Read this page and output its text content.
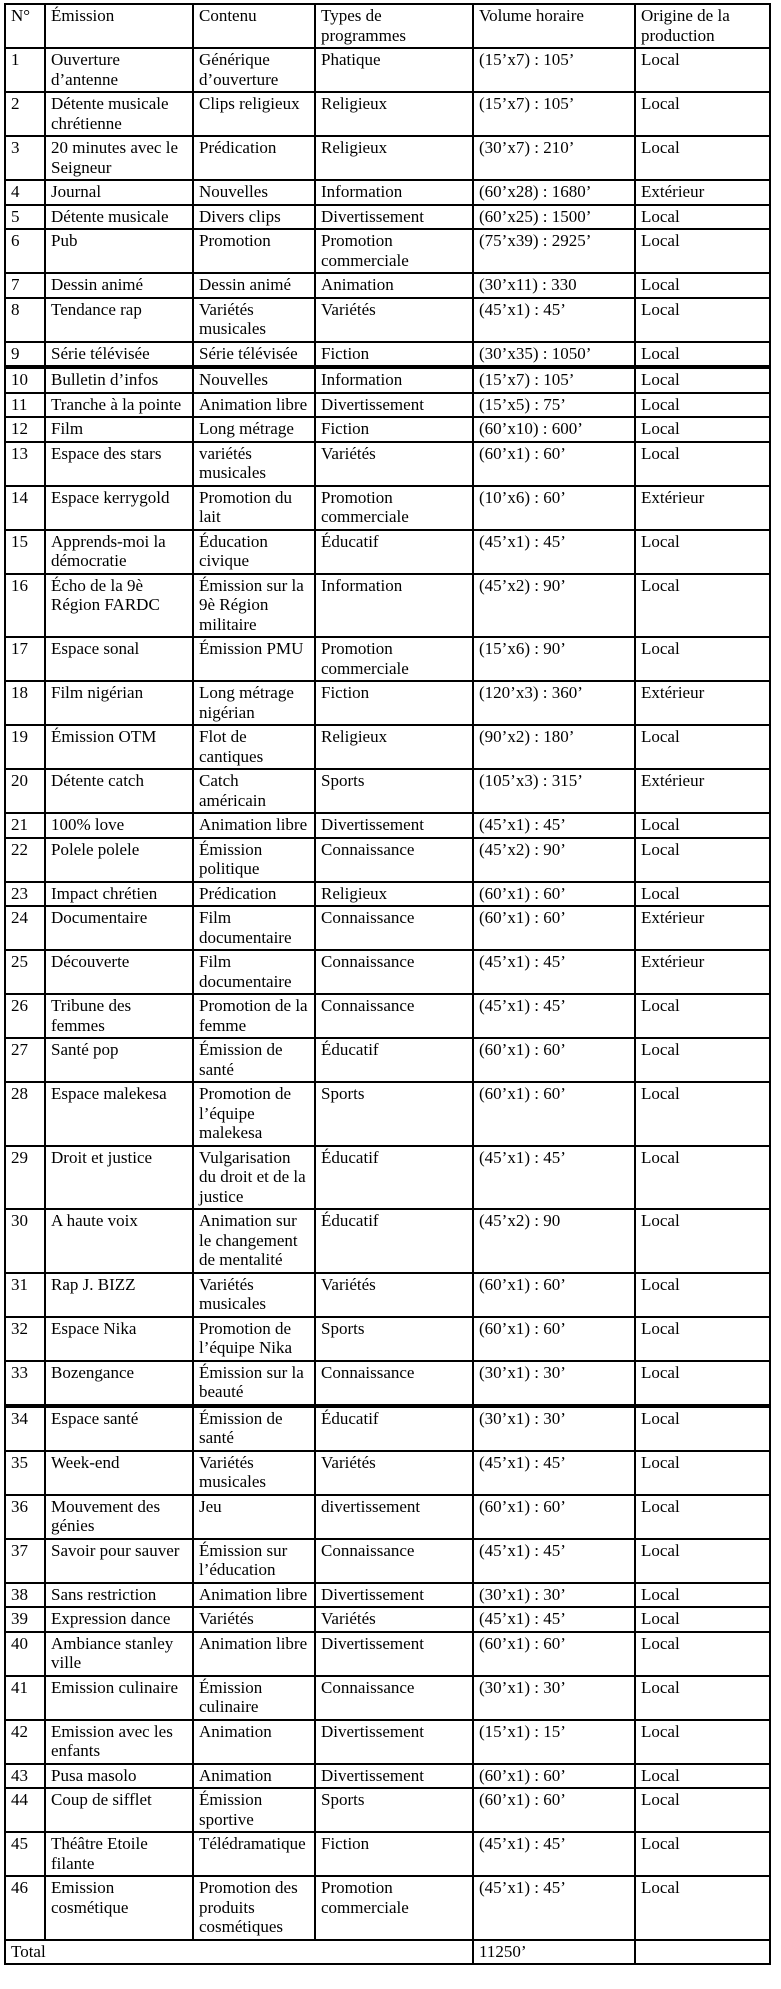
N°	Émission	Contenu	Types de programmes	Volume horaire	Origine de la production
1	Ouverture d’antenne	Générique d’ouverture	Phatique	(15’x7) : 105’	Local
2	Détente musicale chrétienne	Clips religieux	Religieux	(15’x7) : 105’	Local
3	20 minutes avec le Seigneur	Prédication	Religieux	(30’x7) : 210’	Local
4	Journal	Nouvelles	Information	(60’x28) : 1680’	Extérieur
5	Détente musicale	Divers clips	Divertissement	(60’x25) : 1500’	Local
6	Pub	Promotion	Promotion commerciale	(75’x39) : 2925’	Local
7	Dessin animé	Dessin animé	Animation	(30’x11) : 330	Local
8	Tendance rap	Variétés musicales	Variétés	(45’x1) : 45’	Local
9	Série télévisée	Série télévisée	Fiction	(30’x35) : 1050’	Local
10	Bulletin d’infos	Nouvelles	Information	(15’x7) : 105’	Local
11	Tranche à la pointe	Animation libre	Divertissement	(15’x5) : 75’	Local
12	Film	Long métrage	Fiction	(60’x10) : 600’	Local
13	Espace des stars	variétés musicales	Variétés	(60’x1) : 60’	Local
14	Espace kerrygold	Promotion du lait	Promotion commerciale	(10’x6) : 60’	Extérieur
15	Apprends-moi la démocratie	Éducation civique	Éducatif	(45’x1) : 45’	Local
16	Écho de la 9è Région FARDC	Émission sur la 9è Région militaire	Information	(45’x2) : 90’	Local
17	Espace sonal	Émission PMU	Promotion commerciale	(15’x6) : 90’	Local
18	Film nigérian	Long métrage nigérian	Fiction	(120’x3) : 360’	Extérieur
19	Émission OTM	Flot de cantiques	Religieux	(90’x2) : 180’	Local
20	Détente catch	Catch américain	Sports	(105’x3) : 315’	Extérieur
21	100% love	Animation libre	Divertissement	(45’x1) : 45’	Local
22	Polele polele	Émission politique	Connaissance	(45’x2) : 90’	Local
23	Impact chrétien	Prédication	Religieux	(60’x1) : 60’	Local
24	Documentaire	Film documentaire	Connaissance	(60’x1) : 60’	Extérieur
25	Découverte	Film documentaire	Connaissance	(45’x1) : 45’	Extérieur
26	Tribune des femmes	Promotion de la femme	Connaissance	(45’x1) : 45’	Local
27	Santé pop	Émission de santé	Éducatif	(60’x1) : 60’	Local
28	Espace malekesa	Promotion de l’équipe malekesa	Sports	(60’x1) : 60’	Local
29	Droit et justice	Vulgarisation du droit et de la justice	Éducatif	(45’x1) : 45’	Local
30	A haute voix	Animation sur le changement de mentalité	Éducatif	(45’x2) : 90	Local
31	Rap J. BIZZ	Variétés musicales	Variétés	(60’x1) : 60’	Local
32	Espace Nika	Promotion de l’équipe Nika	Sports	(60’x1) : 60’	Local
33	Bozengance	Émission sur la beauté	Connaissance	(30’x1) : 30’	Local
34	Espace santé	Émission de santé	Éducatif	(30’x1) : 30’	Local
35	Week-end	Variétés musicales	Variétés	(45’x1) : 45’	Local
36	Mouvement des génies	Jeu	divertissement	(60’x1) : 60’	Local
37	Savoir pour sauver	Émission sur l’éducation	Connaissance	(45’x1) : 45’	Local
38	Sans restriction	Animation libre	Divertissement	(30’x1) : 30’	Local
39	Expression dance	Variétés	Variétés	(45’x1) : 45’	Local
40	Ambiance stanley ville	Animation libre	Divertissement	(60’x1) : 60’	Local
41	Emission culinaire	Émission culinaire	Connaissance	(30’x1) : 30’	Local
42	Emission avec les enfants	Animation	Divertissement	(15’x1) : 15’	Local
43	Pusa masolo	Animation	Divertissement	(60’x1) : 60’	Local
44	Coup de sifflet	Émission sportive	Sports	(60’x1) : 60’	Local
45	Théâtre Etoile filante	Télédramatique	Fiction	(45’x1) : 45’	Local
46	Emission cosmétique	Promotion des produits cosmétiques	Promotion commerciale	(45’x1) : 45’	Local
Total				11250’	
